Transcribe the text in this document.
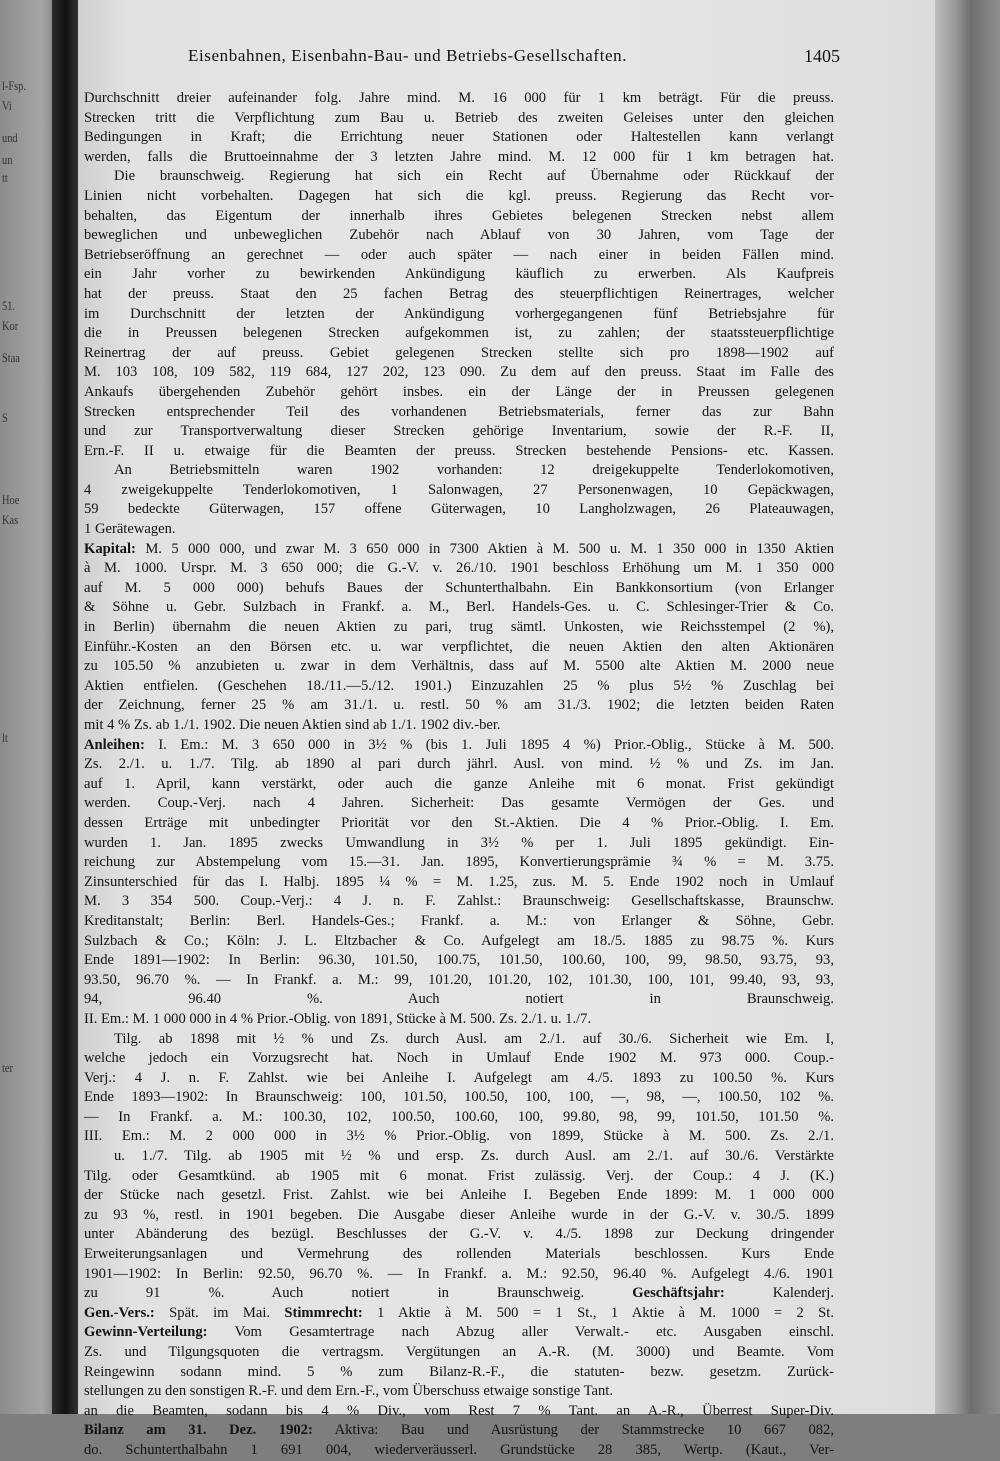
l-Fsp.
Vi
und
un
tt
51.
Kor
Staa
S
Hoe
Kas
lt
ter
Eisenbahnen, Eisenbahn-Bau- und Betriebs-Gesellschaften.	1405
Durchschnitt dreier aufeinander folg. Jahre mind. M. 16 000 für 1 km beträgt. Für die preuss.
Strecken tritt die Verpflichtung zum Bau u. Betrieb des zweiten Geleises unter den gleichen
Bedingungen in Kraft; die Errichtung neuer Stationen oder Haltestellen kann verlangt
werden, falls die Bruttoeinnahme der 3 letzten Jahre mind. M. 12 000 für 1 km betragen hat.
Die braunschweig. Regierung hat sich ein Recht auf Übernahme oder Rückkauf der
Linien nicht vorbehalten. Dagegen hat sich die kgl. preuss. Regierung das Recht vor-
behalten, das Eigentum der innerhalb ihres Gebietes belegenen Strecken nebst allem
beweglichen und unbeweglichen Zubehör nach Ablauf von 30 Jahren, vom Tage der
Betriebseröffnung an gerechnet — oder auch später — nach einer in beiden Fällen mind.
ein Jahr vorher zu bewirkenden Ankündigung käuflich zu erwerben. Als Kaufpreis
hat der preuss. Staat den 25 fachen Betrag des steuerpflichtigen Reinertrages, welcher
im Durchschnitt der letzten der Ankündigung vorhergegangenen fünf Betriebsjahre für
die in Preussen belegenen Strecken aufgekommen ist, zu zahlen; der staatssteuerpflichtige
Reinertrag der auf preuss. Gebiet gelegenen Strecken stellte sich pro 1898—1902 auf
M. 103 108, 109 582, 119 684, 127 202, 123 090. Zu dem auf den preuss. Staat im Falle des
Ankaufs übergehenden Zubehör gehört insbes. ein der Länge der in Preussen gelegenen
Strecken entsprechender Teil des vorhandenen Betriebsmaterials, ferner das zur Bahn
und zur Transportverwaltung dieser Strecken gehörige Inventarium, sowie der R.-F. II,
Ern.-F. II u. etwaige für die Beamten der preuss. Strecken bestehende Pensions- etc. Kassen.
An Betriebsmitteln waren 1902 vorhanden: 12 dreigekuppelte Tenderlokomotiven,
4 zweigekuppelte Tenderlokomotiven, 1 Salonwagen, 27 Personenwagen, 10 Gepäckwagen,
59 bedeckte Güterwagen, 157 offene Güterwagen, 10 Langholzwagen, 26 Plateauwagen,
1 Gerätewagen.
Kapital: M. 5 000 000, und zwar M. 3 650 000 in 7300 Aktien à M. 500 u. M. 1 350 000 in 1350 Aktien
à M. 1000. Urspr. M. 3 650 000; die G.-V. v. 26./10. 1901 beschloss Erhöhung um M. 1 350 000
auf M. 5 000 000) behufs Baues der Schunterthalbahn. Ein Bankkonsortium (von Erlanger
& Söhne u. Gebr. Sulzbach in Frankf. a. M., Berl. Handels-Ges. u. C. Schlesinger-Trier & Co.
in Berlin) übernahm die neuen Aktien zu pari, trug sämtl. Unkosten, wie Reichsstempel (2 %),
Einführ.-Kosten an den Börsen etc. u. war verpflichtet, die neuen Aktien den alten Aktionären
zu 105.50 % anzubieten u. zwar in dem Verhältnis, dass auf M. 5500 alte Aktien M. 2000 neue
Aktien entfielen. (Geschehen 18./11.—5./12. 1901.) Einzuzahlen 25 % plus 5½ % Zuschlag bei
der Zeichnung, ferner 25 % am 31./1. u. restl. 50 % am 31./3. 1902; die letzten beiden Raten
mit 4 % Zs. ab 1./1. 1902. Die neuen Aktien sind ab 1./1. 1902 div.-ber.
Anleihen: I. Em.: M. 3 650 000 in 3½ % (bis 1. Juli 1895 4 %) Prior.-Oblig., Stücke à M. 500.
Zs. 2./1. u. 1./7. Tilg. ab 1890 al pari durch jährl. Ausl. von mind. ½ % und Zs. im Jan.
auf 1. April, kann verstärkt, oder auch die ganze Anleihe mit 6 monat. Frist gekündigt
werden. Coup.-Verj. nach 4 Jahren. Sicherheit: Das gesamte Vermögen der Ges. und
dessen Erträge mit unbedingter Priorität vor den St.-Aktien. Die 4 % Prior.-Oblig. I. Em.
wurden 1. Jan. 1895 zwecks Umwandlung in 3½ % per 1. Juli 1895 gekündigt. Ein-
reichung zur Abstempelung vom 15.—31. Jan. 1895, Konvertierungsprämie ¾ % = M. 3.75.
Zinsunterschied für das I. Halbj. 1895 ¼ % = M. 1.25, zus. M. 5. Ende 1902 noch in Umlauf
M. 3 354 500. Coup.-Verj.: 4 J. n. F. Zahlst.: Braunschweig: Gesellschaftskasse, Braunschw.
Kreditanstalt; Berlin: Berl. Handels-Ges.; Frankf. a. M.: von Erlanger & Söhne, Gebr.
Sulzbach & Co.; Köln: J. L. Eltzbacher & Co. Aufgelegt am 18./5. 1885 zu 98.75 %. Kurs
Ende 1891—1902: In Berlin: 96.30, 101.50, 100.75, 101.50, 100.60, 100, 99, 98.50, 93.75, 93,
93.50, 96.70 %. — In Frankf. a. M.: 99, 101.20, 101.20, 102, 101.30, 100, 101, 99.40, 93, 93,
94, 96.40 %. Auch notiert in Braunschweig.
II. Em.: M. 1 000 000 in 4 % Prior.-Oblig. von 1891, Stücke à M. 500. Zs. 2./1. u. 1./7.
Tilg. ab 1898 mit ½ % und Zs. durch Ausl. am 2./1. auf 30./6. Sicherheit wie Em. I,
welche jedoch ein Vorzugsrecht hat. Noch in Umlauf Ende 1902 M. 973 000. Coup.-
Verj.: 4 J. n. F. Zahlst. wie bei Anleihe I. Aufgelegt am 4./5. 1893 zu 100.50 %. Kurs
Ende 1893—1902: In Braunschweig: 100, 101.50, 100.50, 100, 100, —, 98, —, 100.50, 102 %.
— In Frankf. a. M.: 100.30, 102, 100.50, 100.60, 100, 99.80, 98, 99, 101.50, 101.50 %.
III. Em.: M. 2 000 000 in 3½ % Prior.-Oblig. von 1899, Stücke à M. 500. Zs. 2./1.
u. 1./7. Tilg. ab 1905 mit ½ % und ersp. Zs. durch Ausl. am 2./1. auf 30./6. Verstärkte
Tilg. oder Gesamtkünd. ab 1905 mit 6 monat. Frist zulässig. Verj. der Coup.: 4 J. (K.)
der Stücke nach gesetzl. Frist. Zahlst. wie bei Anleihe I. Begeben Ende 1899: M. 1 000 000
zu 93 %, restl. in 1901 begeben. Die Ausgabe dieser Anleihe wurde in der G.-V. v. 30./5. 1899
unter Abänderung des bezügl. Beschlusses der G.-V. v. 4./5. 1898 zur Deckung dringender
Erweiterungsanlagen und Vermehrung des rollenden Materials beschlossen. Kurs Ende
1901—1902: In Berlin: 92.50, 96.70 %. — In Frankf. a. M.: 92.50, 96.40 %. Aufgelegt 4./6. 1901
zu 91 %. Auch notiert in Braunschweig. Geschäftsjahr: Kalenderj.
Gen.-Vers.: Spät. im Mai. Stimmrecht: 1 Aktie à M. 500 = 1 St., 1 Aktie à M. 1000 = 2 St.
Gewinn-Verteilung: Vom Gesamtertrage nach Abzug aller Verwalt.- etc. Ausgaben einschl.
Zs. und Tilgungsquoten die vertragsm. Vergütungen an A.-R. (M. 3000) und Beamte. Vom
Reingewinn sodann mind. 5 % zum Bilanz-R.-F., die statuten- bezw. gesetzm. Zurück-
stellungen zu den sonstigen R.-F. und dem Ern.-F., vom Überschuss etwaige sonstige Tant.
an die Beamten, sodann bis 4 % Div., vom Rest 7 % Tant. an A.-R., Überrest Super-Div.
Bilanz am 31. Dez. 1902: Aktiva: Bau und Ausrüstung der Stammstrecke 10 667 082,
do. Schunterthalbahn 1 691 004, wiederveräusserl. Grundstücke 28 385, Wertp. (Kaut., Ver-
